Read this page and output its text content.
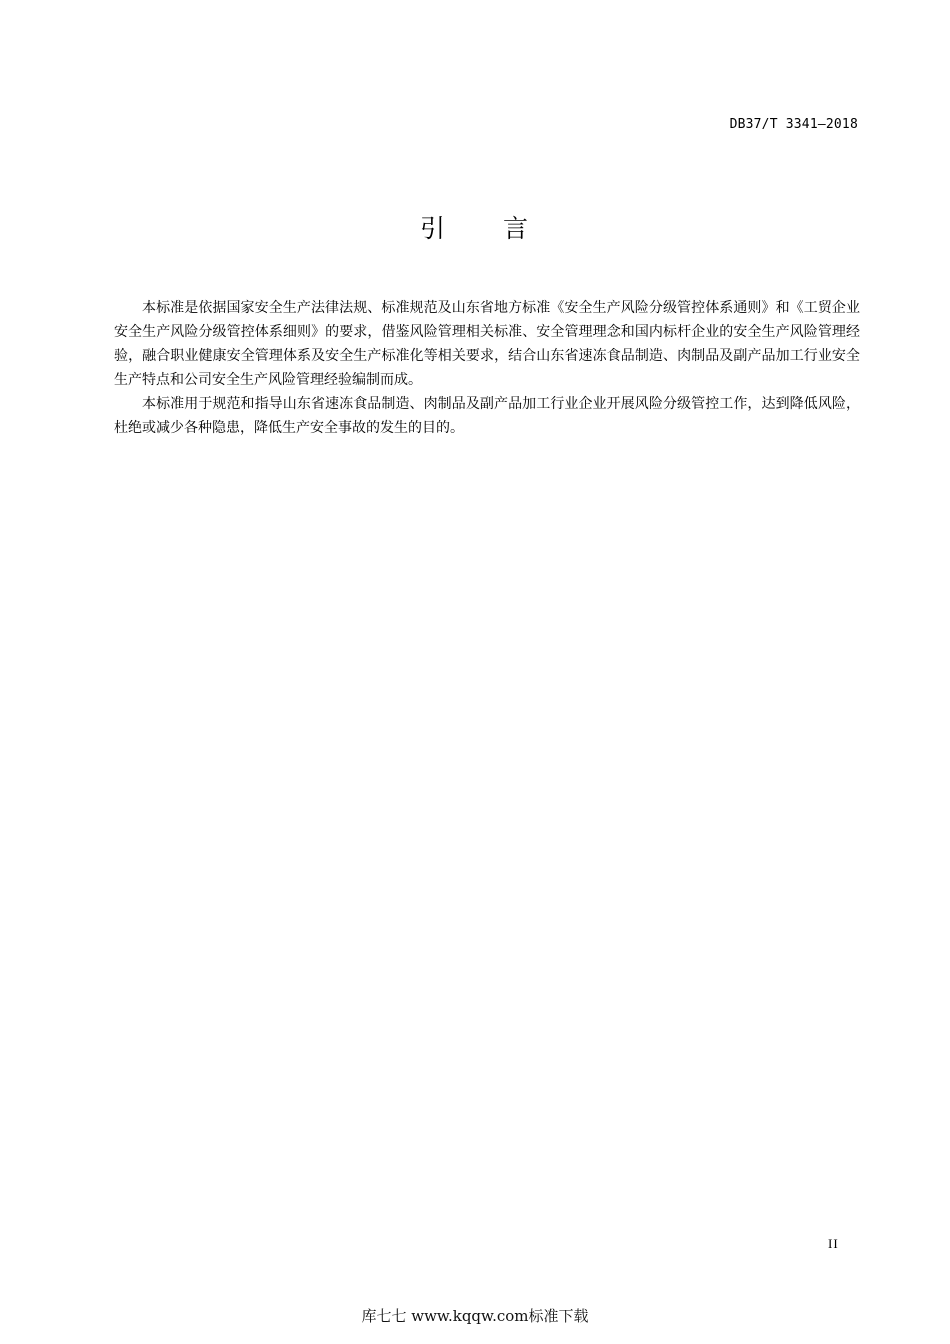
DB37/T 3341—2018
引 言

本标准是依据国家安全生产法律法规、标准规范及山东省地方标准《安全生产风险分级管控体系通则》和《工贸企业安全生产风险分级管控体系细则》的要求，借鉴风险管理相关标准、安全管理理念和国内标杆企业的安全生产风险管理经验，融合职业健康安全管理体系及安全生产标准化等相关要求，结合山东省速冻食品制造、肉制品及副产品加工行业安全生产特点和公司安全生产风险管理经验编制而成。

本标准用于规范和指导山东省速冻食品制造、肉制品及副产品加工行业企业开展风险分级管控工作，达到降低风险，杜绝或减少各种隐患，降低生产安全事故的发生的目的。

II
库七七 www.kqqw.com标准下载
